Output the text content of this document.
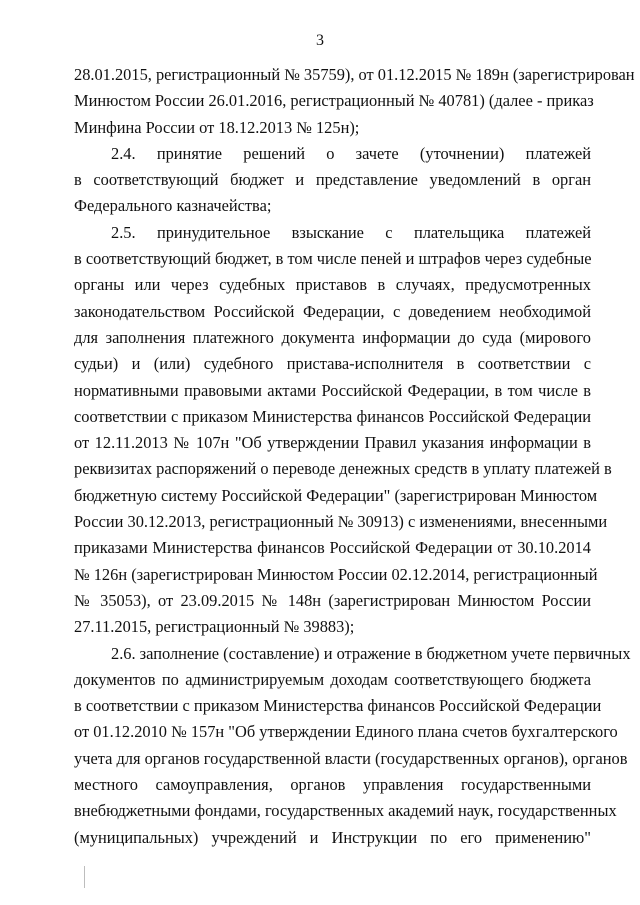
3
28.01.2015, регистрационный № 35759), от 01.12.2015 № 189н (зарегистрирован
Минюстом России 26.01.2016, регистрационный № 40781) (далее - приказ
Минфина России от 18.12.2013 № 125н);
2.4. принятие решений о зачете (уточнении) платежей
в соответствующий бюджет и представление уведомлений в орган
Федерального казначейства;
2.5. принудительное взыскание с плательщика платежей
в соответствующий бюджет, в том числе пеней и штрафов через судебные
органы или через судебных приставов в случаях, предусмотренных
законодательством Российской Федерации, с доведением необходимой
для заполнения платежного документа информации до суда (мирового
судьи) и (или) судебного пристава-исполнителя в соответствии с
нормативными правовыми актами Российской Федерации, в том числе в
соответствии с приказом Министерства финансов Российской Федерации
от 12.11.2013 № 107н "Об утверждении Правил указания информации в
реквизитах распоряжений о переводе денежных средств в уплату платежей в
бюджетную систему Российской Федерации" (зарегистрирован Минюстом
России 30.12.2013, регистрационный № 30913) с изменениями, внесенными
приказами Министерства финансов Российской Федерации от 30.10.2014
№ 126н (зарегистрирован Минюстом России 02.12.2014, регистрационный
№ 35053), от 23.09.2015 № 148н (зарегистрирован Минюстом России
27.11.2015, регистрационный № 39883);
2.6. заполнение (составление) и отражение в бюджетном учете первичных
документов по администрируемым доходам соответствующего бюджета
в соответствии с приказом Министерства финансов Российской Федерации
от 01.12.2010 № 157н "Об утверждении Единого плана счетов бухгалтерского
учета для органов государственной власти (государственных органов), органов
местного самоуправления, органов управления государственными
внебюджетными фондами, государственных академий наук, государственных
(муниципальных) учреждений и Инструкции по его применению"
